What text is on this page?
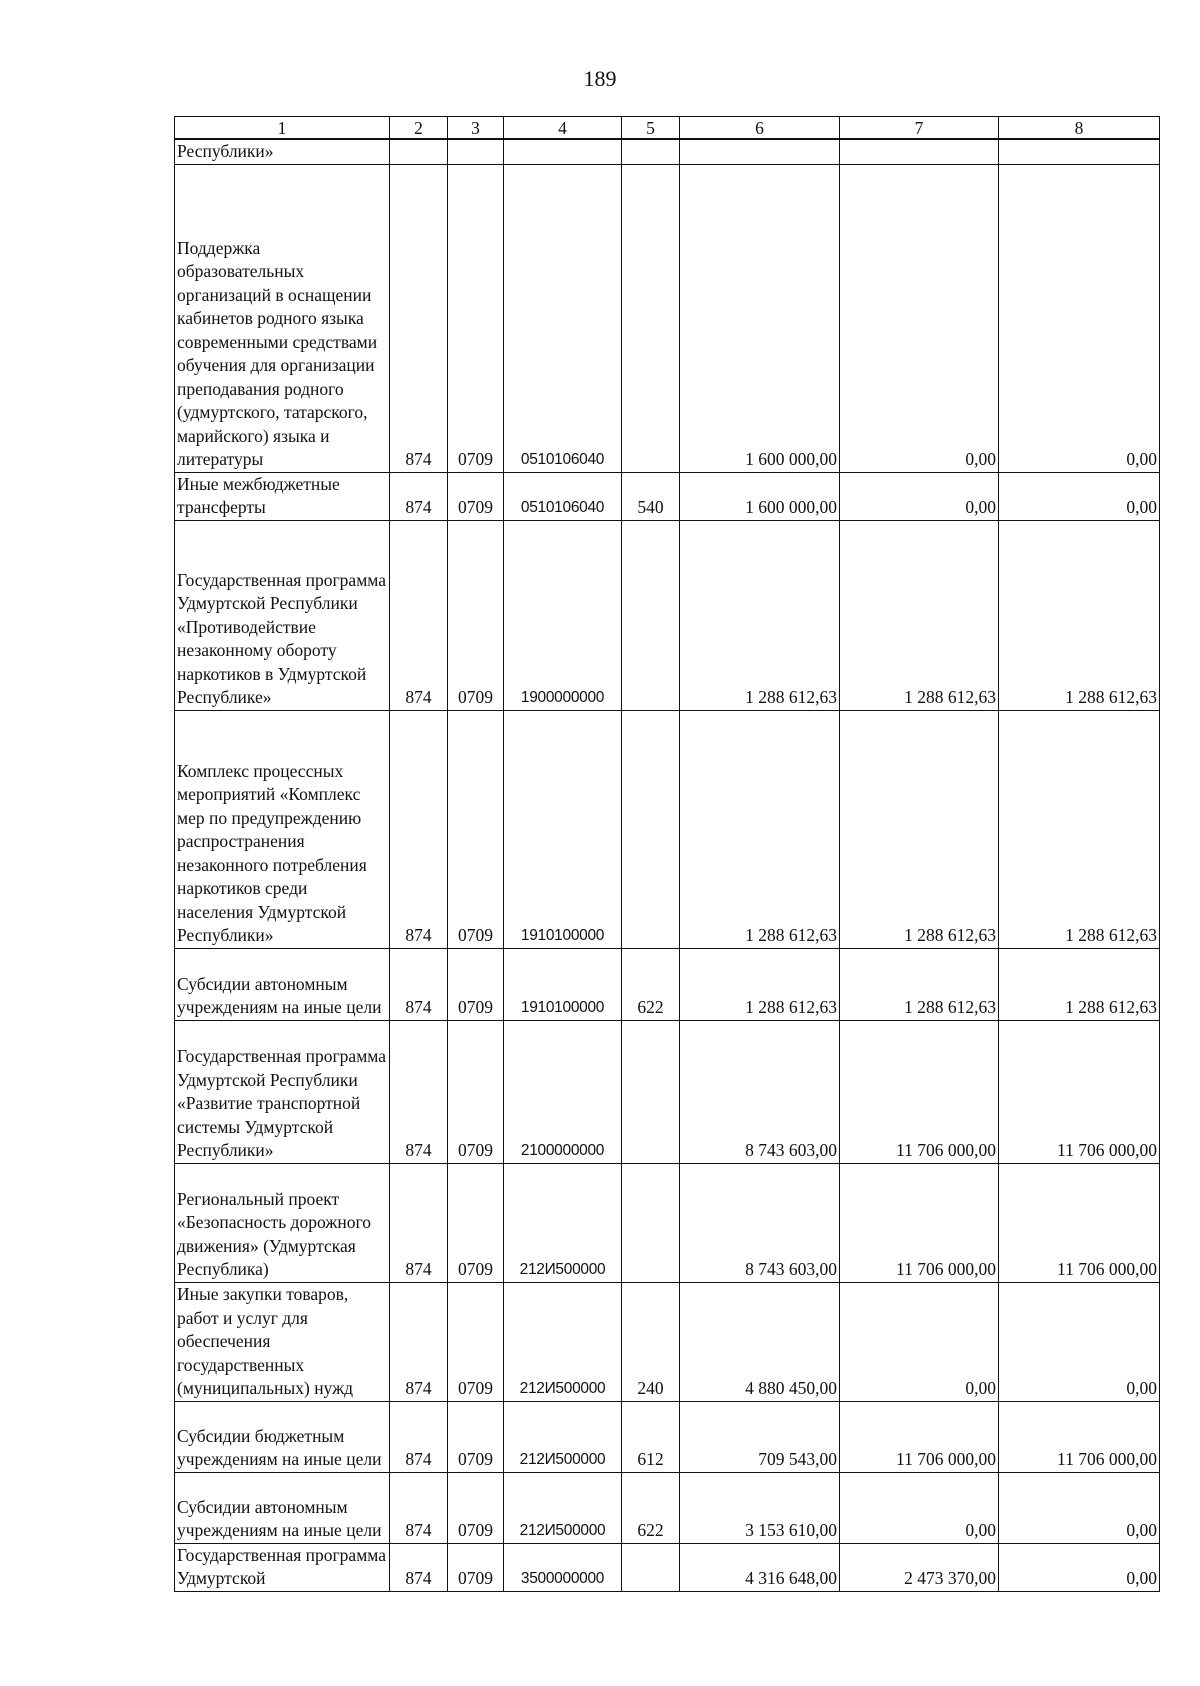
189
1	2	3	4	5	6	7	8
Республики»							
Поддержка образовательных организаций в оснащении кабинетов родного языка современными средствами обучения для организации преподавания родного (удмуртского, татарского, марийского) языка и литературы	874	0709	0510106040		1 600 000,00	0,00	0,00
Иные межбюджетные трансферты	874	0709	0510106040	540	1 600 000,00	0,00	0,00
Государственная программа Удмуртской Республики «Противодействие незаконному обороту наркотиков в Удмуртской Республике»	874	0709	1900000000		1 288 612,63	1 288 612,63	1 288 612,63
Комплекс процессных мероприятий «Комплекс мер по предупреждению распространения незаконного потребления наркотиков среди населения Удмуртской Республики»	874	0709	1910100000		1 288 612,63	1 288 612,63	1 288 612,63
Субсидии автономным учреждениям на иные цели	874	0709	1910100000	622	1 288 612,63	1 288 612,63	1 288 612,63
Государственная программа Удмуртской Республики «Развитие транспортной системы Удмуртской Республики»	874	0709	2100000000		8 743 603,00	11 706 000,00	11 706 000,00
Региональный проект «Безопасность дорожного движения» (Удмуртская Республика)	874	0709	212И500000		8 743 603,00	11 706 000,00	11 706 000,00
Иные закупки товаров, работ и услуг для обеспечения государственных (муниципальных) нужд	874	0709	212И500000	240	4 880 450,00	0,00	0,00
Субсидии бюджетным учреждениям на иные цели	874	0709	212И500000	612	709 543,00	11 706 000,00	11 706 000,00
Субсидии автономным учреждениям на иные цели	874	0709	212И500000	622	3 153 610,00	0,00	0,00
Государственная программа Удмуртской	874	0709	3500000000		4 316 648,00	2 473 370,00	0,00
